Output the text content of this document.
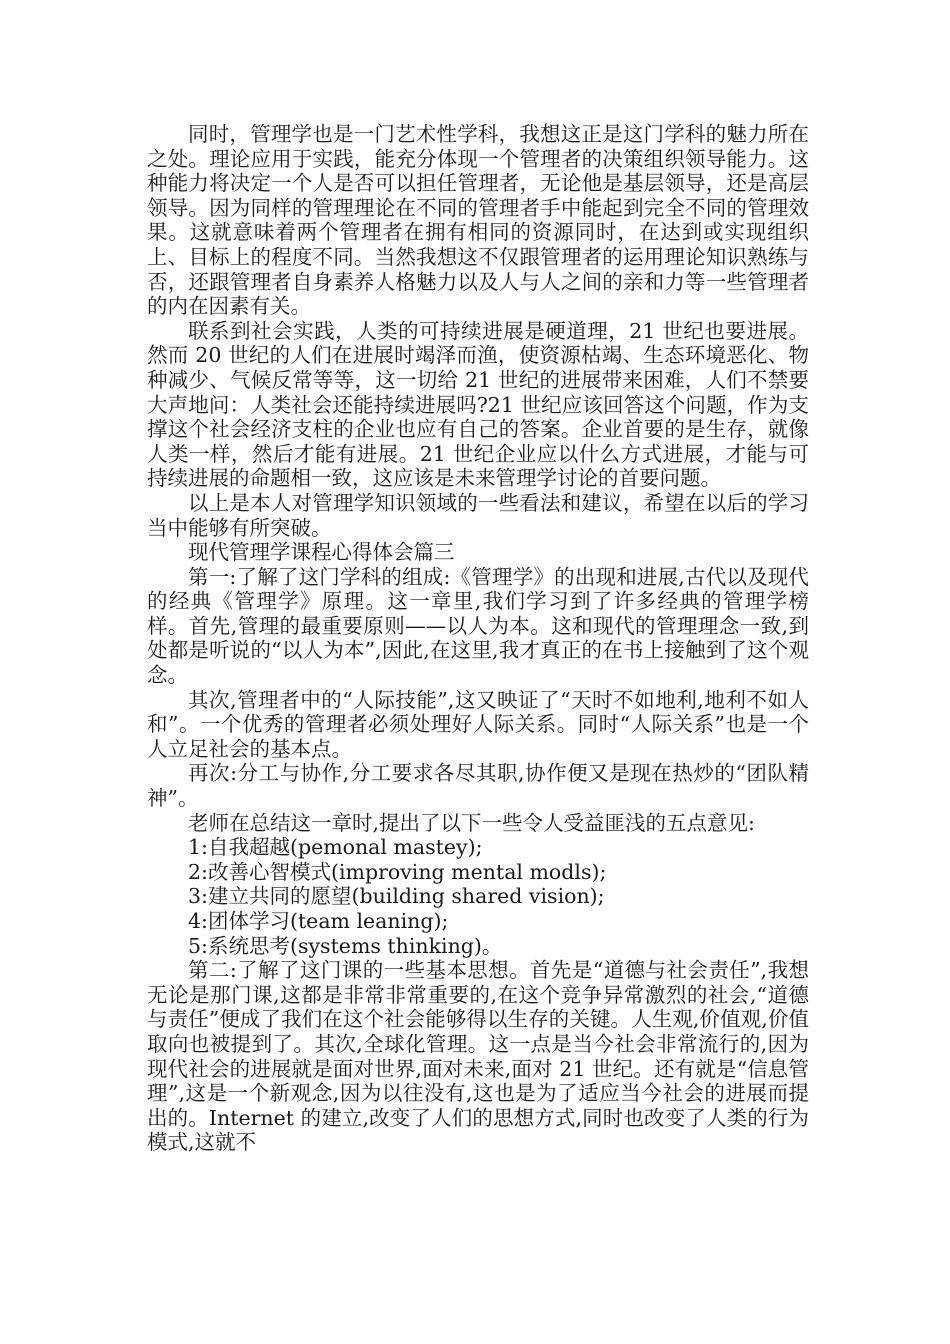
同时，管理学也是一门艺术性学科，我想这正是这门学科的魅力所在之处。理论应用于实践，能充分体现一个管理者的决策组织领导能力。这种能力将决定一个人是否可以担任管理者，无论他是基层领导，还是高层领导。因为同样的管理理论在不同的管理者手中能起到完全不同的管理效果。这就意味着两个管理者在拥有相同的资源同时，在达到或实现组织上、目标上的程度不同。当然我想这不仅跟管理者的运用理论知识熟练与否，还跟管理者自身素养人格魅力以及人与人之间的亲和力等一些管理者的内在因素有关。

联系到社会实践，人类的可持续进展是硬道理，21 世纪也要进展。然而 20 世纪的人们在进展时竭泽而渔，使资源枯竭、生态环境恶化、物种减少、气候反常等等，这一切给 21 世纪的进展带来困难，人们不禁要大声地问：人类社会还能持续进展吗?21 世纪应该回答这个问题，作为支撑这个社会经济支柱的企业也应有自己的答案。企业首要的是生存，就像人类一样，然后才能有进展。21 世纪企业应以什么方式进展，才能与可持续进展的命题相一致，这应该是未来管理学讨论的首要问题。

以上是本人对管理学知识领域的一些看法和建议，希望在以后的学习当中能够有所突破。

现代管理学课程心得体会篇三

第一:了解了这门学科的组成:《管理学》的出现和进展,古代以及现代的经典《管理学》原理。这一章里,我们学习到了许多经典的管理学榜样。首先,管理的最重要原则——以人为本。这和现代的管理理念一致,到处都是听说的“以人为本”,因此,在这里,我才真正的在书上接触到了这个观念。

其次,管理者中的“人际技能”,这又映证了“天时不如地利,地利不如人和”。一个优秀的管理者必须处理好人际关系。同时“人际关系”也是一个人立足社会的基本点。

再次:分工与协作,分工要求各尽其职,协作便又是现在热炒的“团队精神”。

老师在总结这一章时,提出了以下一些令人受益匪浅的五点意见:

1:自我超越(pemonal mastey);

2:改善心智模式(improving mental modls);

3:建立共同的愿望(building shared vision);

4:团体学习(team leaning);

5:系统思考(systems thinking)。

第二:了解了这门课的一些基本思想。首先是“道德与社会责任”,我想无论是那门课,这都是非常非常重要的,在这个竞争异常激烈的社会,“道德与责任”便成了我们在这个社会能够得以生存的关键。人生观,价值观,价值取向也被提到了。其次,全球化管理。这一点是当今社会非常流行的,因为现代社会的进展就是面对世界,面对未来,面对 21 世纪。还有就是“信息管理”,这是一个新观念,因为以往没有,这也是为了适应当今社会的进展而提出的。Internet 的建立,改变了人们的思想方式,同时也改变了人类的行为模式,这就不
